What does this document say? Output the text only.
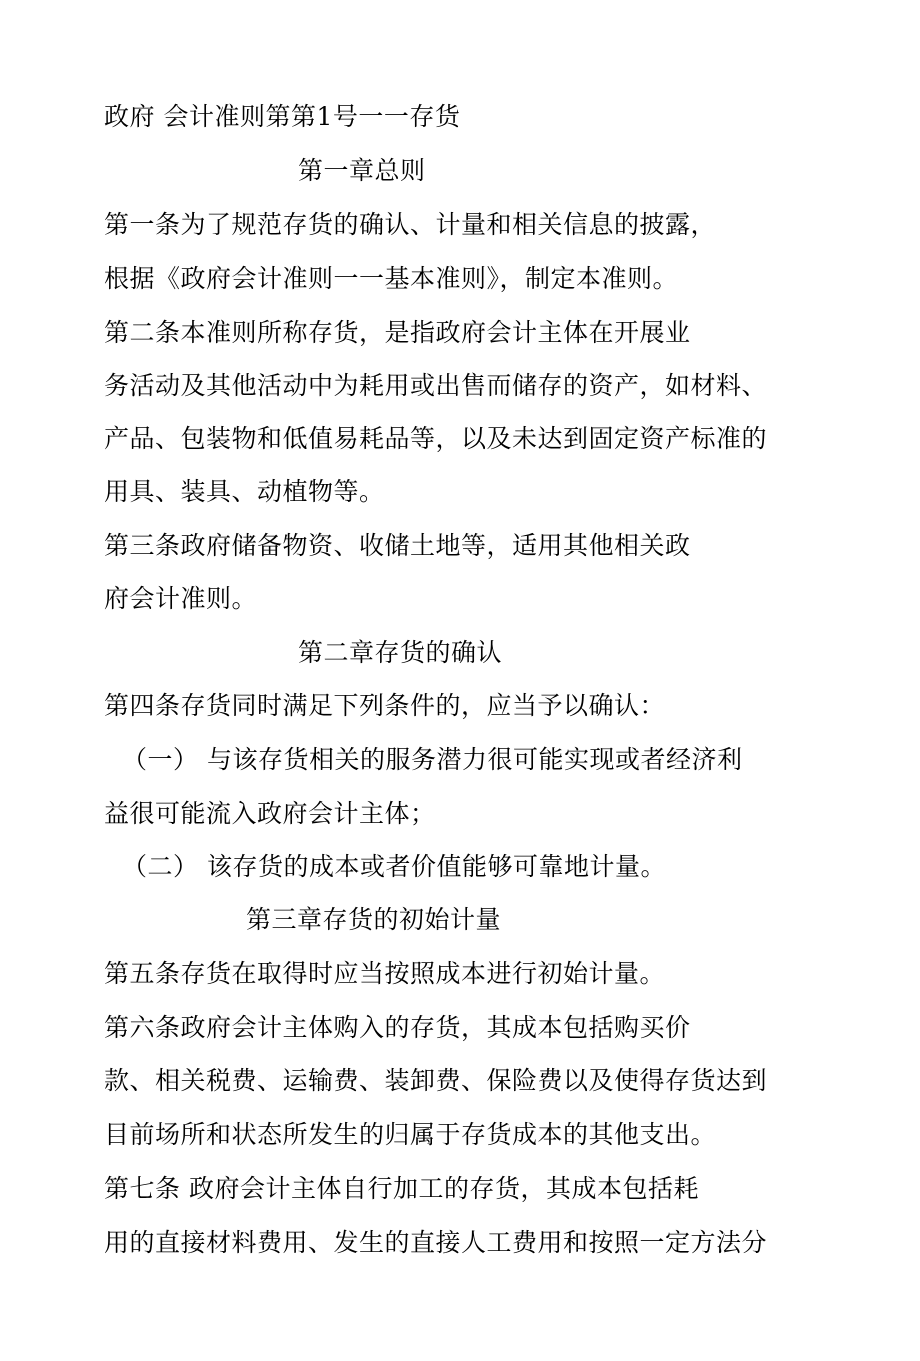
政府 会计准则第第1号一一存货
第一章总则
第一条为了规范存货的确认、计量和相关信息的披露，
根据《政府会计准则一一基本准则》，制定本准则。
第二条本准则所称存货，是指政府会计主体在开展业
务活动及其他活动中为耗用或出售而储存的资产，如材料、
产品、包装物和低值易耗品等，以及未达到固定资产标准的
用具、装具、动植物等。
第三条政府储备物资、收储土地等，适用其他相关政
府会计准则。
第二章存货的确认
第四条存货同时满足下列条件的，应当予以确认：
（一） 与该存货相关的服务潜力很可能实现或者经济利
益很可能流入政府会计主体；
（二） 该存货的成本或者价值能够可靠地计量。
第三章存货的初始计量
第五条存货在取得时应当按照成本进行初始计量。
第六条政府会计主体购入的存货，其成本包括购买价
款、相关税费、运输费、装卸费、保险费以及使得存货达到
目前场所和状态所发生的归属于存货成本的其他支出。
第七条 政府会计主体自行加工的存货，其成本包括耗
用的直接材料费用、发生的直接人工费用和按照一定方法分
